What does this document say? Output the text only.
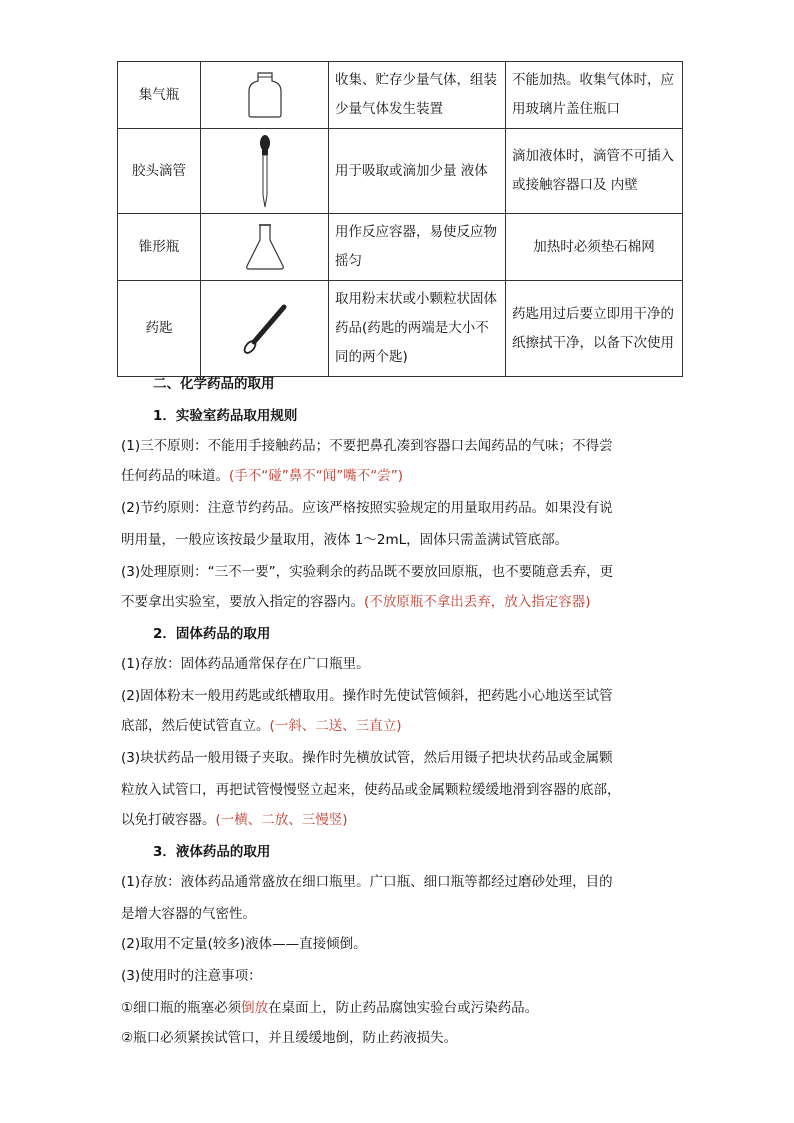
集气瓶		收集、贮存少量气体，组装少量气体发生装置	不能加热。收集气体时，应用玻璃片盖住瓶口
胶头滴管		用于吸取或滴加少量 液体	滴加液体时，滴管不可插入或接触容器口及 内壁
锥形瓶		用作反应容器，易使反应物摇匀	加热时必须垫石棉网
药匙		取用粉末状或小颗粒状固体药品(药匙的两端是大小不同的两个匙)	药匙用过后要立即用干净的纸擦拭干净，以备下次使用
二、化学药品的取用
1．实验室药品取用规则
(1)三不原则：不能用手接触药品；不要把鼻孔凑到容器口去闻药品的气味；不得尝
任何药品的味道。(手不“碰”鼻不“闻”嘴不“尝”)
(2)节约原则：注意节约药品。应该严格按照实验规定的用量取用药品。如果没有说
明用量，一般应该按最少量取用，液体 1～2mL，固体只需盖满试管底部。
(3)处理原则：“三不一要”，实验剩余的药品既不要放回原瓶，也不要随意丢弃，更
不要拿出实验室，要放入指定的容器内。(不放原瓶不拿出丢弃，放入指定容器)
2．固体药品的取用
(1)存放：固体药品通常保存在广口瓶里。
(2)固体粉末一般用药匙或纸槽取用。操作时先使试管倾斜，把药匙小心地送至试管
底部，然后使试管直立。(一斜、二送、三直立)
(3)块状药品一般用镊子夹取。操作时先横放试管，然后用镊子把块状药品或金属颗
粒放入试管口，再把试管慢慢竖立起来，使药品或金属颗粒缓缓地滑到容器的底部，
以免打破容器。(一横、二放、三慢竖)
3．液体药品的取用
(1)存放：液体药品通常盛放在细口瓶里。广口瓶、细口瓶等都经过磨砂处理，目的
是增大容器的气密性。
(2)取用不定量(较多)液体——直接倾倒。
(3)使用时的注意事项：
①细口瓶的瓶塞必须倒放在桌面上，防止药品腐蚀实验台或污染药品。
②瓶口必须紧挨试管口，并且缓缓地倒，防止药液损失。
